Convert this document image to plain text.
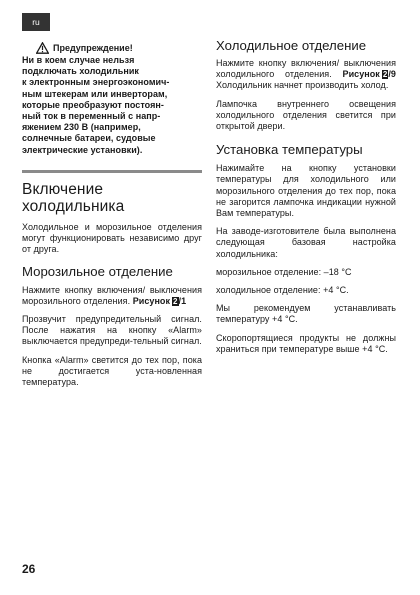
ru
Предупреждение!

Ни в коем случае нельзя
подключать холодильник
к электронным энергоэкономич-
ным штекерам или инверторам,
которые преобразуют постоян-
ный ток в переменный с напр-
яжением 230 В (например,
солнечные батареи, судовые
электрические установки).

Включение
холодильника

Холодильное и морозильное отделения могут функционировать независимо друг от друга.

Морозильное отделение

Нажмите кнопку включения/ выключения морозильного отделения. Рисунок 2/1

Прозвучит предупредительный сигнал. После нажатия на кнопку «Alarm» выключается предупреди-тельный сигнал.

Кнопка «Alarm» светится до тех пор, пока не достигается уста-новленная температура.

Холодильное отделение

Нажмите кнопку включения/ выключения холодильного отделения. Рисунок 2/9 Холодильник начнет производить холод.

Лампочка внутреннего освещения холодильного отделения светится при открытой двери.

Установка температуры

Нажимайте на кнопку установки температуры для холодильного или морозильного отделения до тех пор, пока не загорится лампочка индикации нужной Вам температуры.

На заводе-изготовителе была выполнена следующая базовая настройка холодильника:

морозильное отделение: –18 °C

холодильное отделение: +4 °C.

Мы рекомендуем устанавливать температуру +4 °C.

Скоропортящиеся продукты не должны храниться при температуре выше +4 °C.

26
